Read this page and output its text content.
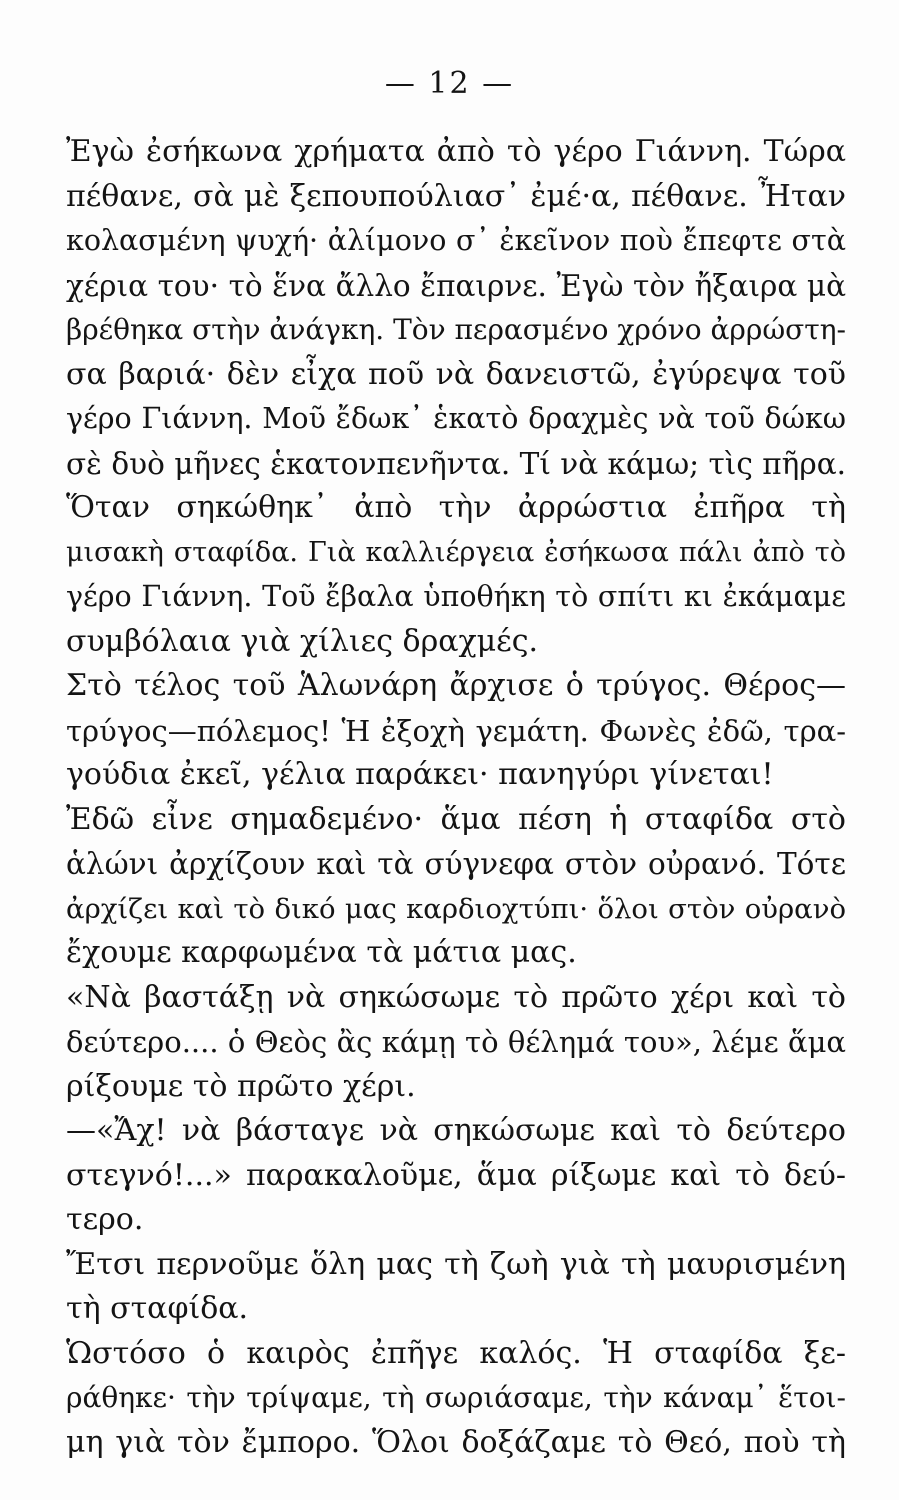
— 12 —
Ἐγὼ ἐσήκωνα χρήματα ἀπὸ τὸ γέρο Γιάννη. Τώρα
πέθανε, σὰ μὲ ξεπουπούλιασ᾿ ἐμέ·α, πέθανε. Ἦταν
κολασμένη ψυχή· ἀλίμονο σ᾿ ἐκεῖνον ποὺ ἔπεφτε στὰ
χέρια του· τὸ ἕνα ἄλλο ἔπαιρνε. Ἐγὼ τὸν ἤξαιρα μὰ
βρέθηκα στὴν ἀνάγκη. Τὸν περασμένο χρόνο ἀρρώστη-
σα βαριά· δὲν εἶχα ποῦ νὰ δανειστῶ, ἐγύρεψα τοῦ
γέρο Γιάννη. Μοῦ ἔδωκ᾿ ἑκατὸ δραχμὲς νὰ τοῦ δώκω
σὲ δυὸ μῆνες ἑκατονπενῆντα. Τί νὰ κάμω; τὶς πῆρα.
Ὅταν σηκώθηκ᾿ ἀπὸ τὴν ἀρρώστια ἐπῆρα τὴ
μισακὴ σταφίδα. Γιὰ καλλιέργεια ἐσήκωσα πάλι ἀπὸ τὸ
γέρο Γιάννη. Τοῦ ἔβαλα ὑποθήκη τὸ σπίτι κι ἐκάμαμε
συμβόλαια γιὰ χίλιες δραχμές.
Στὸ τέλος τοῦ Ἁλωνάρη ἄρχισε ὁ τρύγος. Θέρος—
τρύγος—πόλεμος! Ἡ ἐξοχὴ γεμάτη. Φωνὲς ἐδῶ, τρα-
γούδια ἐκεῖ, γέλια παράκει· πανηγύρι γίνεται!
Ἐδῶ εἶνε σημαδεμένο· ἅμα πέση ἡ σταφίδα στὸ
ἁλώνι ἀρχίζουν καὶ τὰ σύγνεφα στὸν οὐρανό. Τότε
ἀρχίζει καὶ τὸ δικό μας καρδιοχτύπι· ὅλοι στὸν οὐρανὸ
ἔχουμε καρφωμένα τὰ μάτια μας.
«Νὰ βαστάξῃ νὰ σηκώσωμε τὸ πρῶτο χέρι καὶ τὸ
δεύτερο.... ὁ Θεὸς ἂς κάμῃ τὸ θέλημά του», λέμε ἅμα
ρίξουμε τὸ πρῶτο χέρι.
—«Ἄχ! νὰ βάσταγε νὰ σηκώσωμε καὶ τὸ δεύτερο
στεγνό!...» παρακαλοῦμε, ἅμα ρίξωμε καὶ τὸ δεύ-
τερο.
Ἔτσι περνοῦμε ὅλη μας τὴ ζωὴ γιὰ τὴ μαυρισμένη
τὴ σταφίδα.
Ὡστόσο ὁ καιρὸς ἐπῆγε καλός. Ἡ σταφίδα ξε-
ράθηκε· τὴν τρίψαμε, τὴ σωριάσαμε, τὴν κάναμ᾿ ἕτοι-
μη γιὰ τὸν ἔμπορο. Ὅλοι δοξάζαμε τὸ Θεό, ποὺ τὴ
